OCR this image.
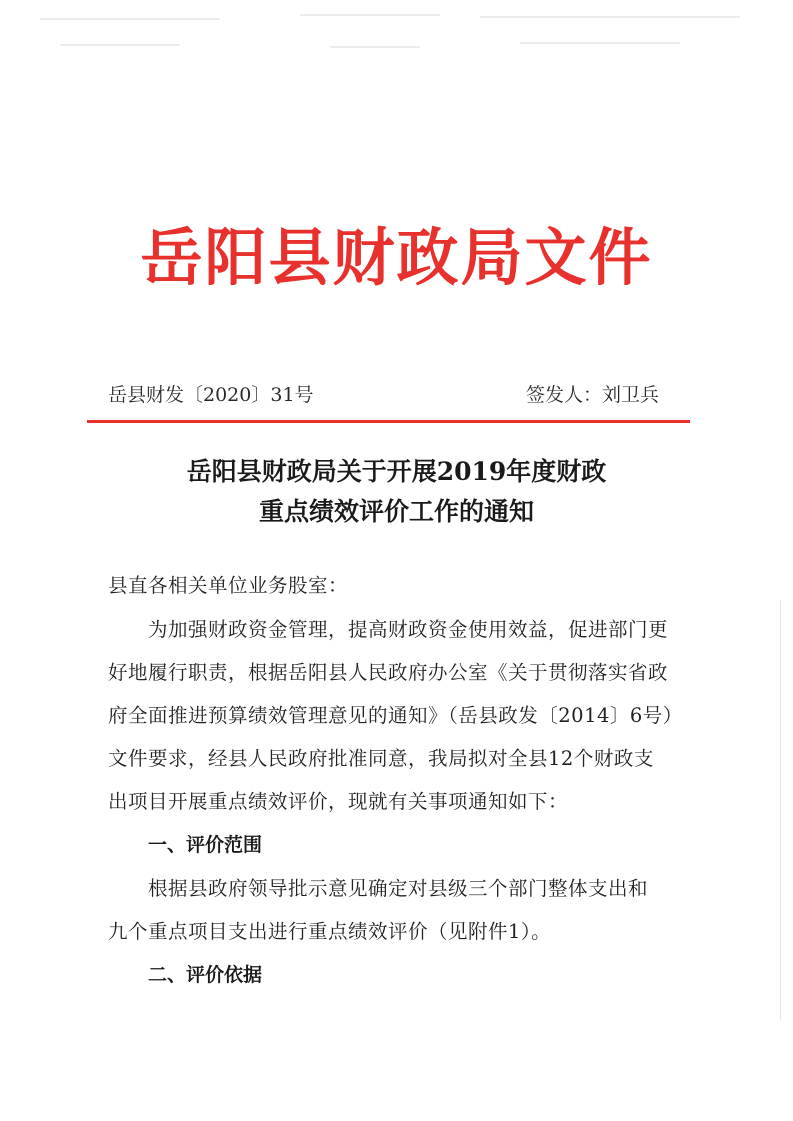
岳阳县财政局文件
岳县财发〔2020〕31号	签发人：刘卫兵
岳阳县财政局关于开展2019年度财政
重点绩效评价工作的通知
县直各相关单位业务股室：
为加强财政资金管理，提高财政资金使用效益，促进部门更
好地履行职责，根据岳阳县人民政府办公室《关于贯彻落实省政
府全面推进预算绩效管理意见的通知》（岳县政发〔2014〕6号）
文件要求，经县人民政府批准同意，我局拟对全县12个财政支
出项目开展重点绩效评价，现就有关事项通知如下：
一、评价范围
根据县政府领导批示意见确定对县级三个部门整体支出和
九个重点项目支出进行重点绩效评价（见附件1）。
二、评价依据
